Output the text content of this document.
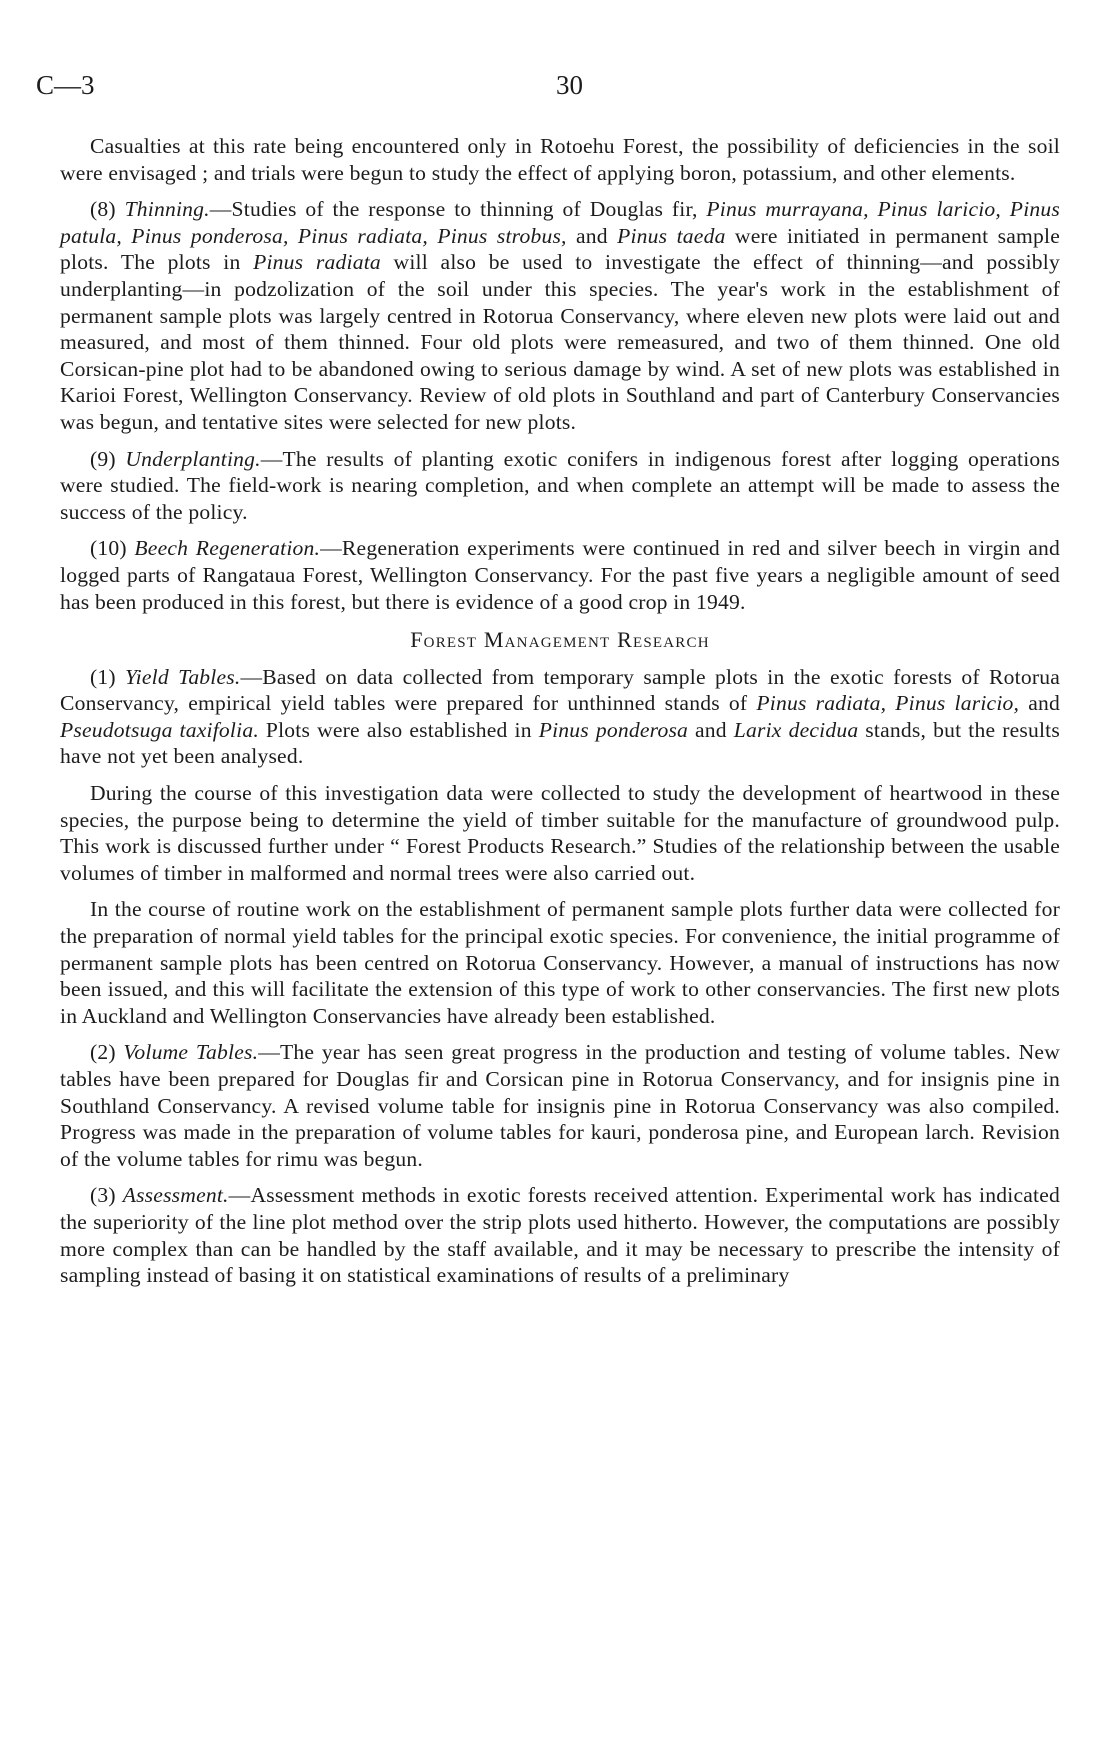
C—3	30

Casualties at this rate being encountered only in Rotoehu Forest, the possibility of deficiencies in the soil were envisaged ; and trials were begun to study the effect of applying boron, potassium, and other elements.

(8) Thinning.—Studies of the response to thinning of Douglas fir, Pinus murrayana, Pinus laricio, Pinus patula, Pinus ponderosa, Pinus radiata, Pinus strobus, and Pinus taeda were initiated in permanent sample plots. The plots in Pinus radiata will also be used to investigate the effect of thinning—and possibly underplanting—in podzolization of the soil under this species. The year's work in the establishment of permanent sample plots was largely centred in Rotorua Conservancy, where eleven new plots were laid out and measured, and most of them thinned. Four old plots were remeasured, and two of them thinned. One old Corsican-pine plot had to be abandoned owing to serious damage by wind. A set of new plots was established in Karioi Forest, Wellington Conservancy. Review of old plots in Southland and part of Canterbury Conservancies was begun, and tentative sites were selected for new plots.

(9) Underplanting.—The results of planting exotic conifers in indigenous forest after logging operations were studied. The field-work is nearing completion, and when complete an attempt will be made to assess the success of the policy.

(10) Beech Regeneration.—Regeneration experiments were continued in red and silver beech in virgin and logged parts of Rangataua Forest, Wellington Conservancy. For the past five years a negligible amount of seed has been produced in this forest, but there is evidence of a good crop in 1949.

Forest Management Research

(1) Yield Tables.—Based on data collected from temporary sample plots in the exotic forests of Rotorua Conservancy, empirical yield tables were prepared for unthinned stands of Pinus radiata, Pinus laricio, and Pseudotsuga taxifolia. Plots were also established in Pinus ponderosa and Larix decidua stands, but the results have not yet been analysed.

During the course of this investigation data were collected to study the development of heartwood in these species, the purpose being to determine the yield of timber suitable for the manufacture of groundwood pulp. This work is discussed further under “ Forest Products Research.” Studies of the relationship between the usable volumes of timber in malformed and normal trees were also carried out.

In the course of routine work on the establishment of permanent sample plots further data were collected for the preparation of normal yield tables for the principal exotic species. For convenience, the initial programme of permanent sample plots has been centred on Rotorua Conservancy. However, a manual of instructions has now been issued, and this will facilitate the extension of this type of work to other conservancies. The first new plots in Auckland and Wellington Conservancies have already been established.

(2) Volume Tables.—The year has seen great progress in the production and testing of volume tables. New tables have been prepared for Douglas fir and Corsican pine in Rotorua Conservancy, and for insignis pine in Southland Conservancy. A revised volume table for insignis pine in Rotorua Conservancy was also compiled. Progress was made in the preparation of volume tables for kauri, ponderosa pine, and European larch. Revision of the volume tables for rimu was begun.

(3) Assessment.—Assessment methods in exotic forests received attention. Experimental work has indicated the superiority of the line plot method over the strip plots used hitherto. However, the computations are possibly more complex than can be handled by the staff available, and it may be necessary to prescribe the intensity of sampling instead of basing it on statistical examinations of results of a preliminary
